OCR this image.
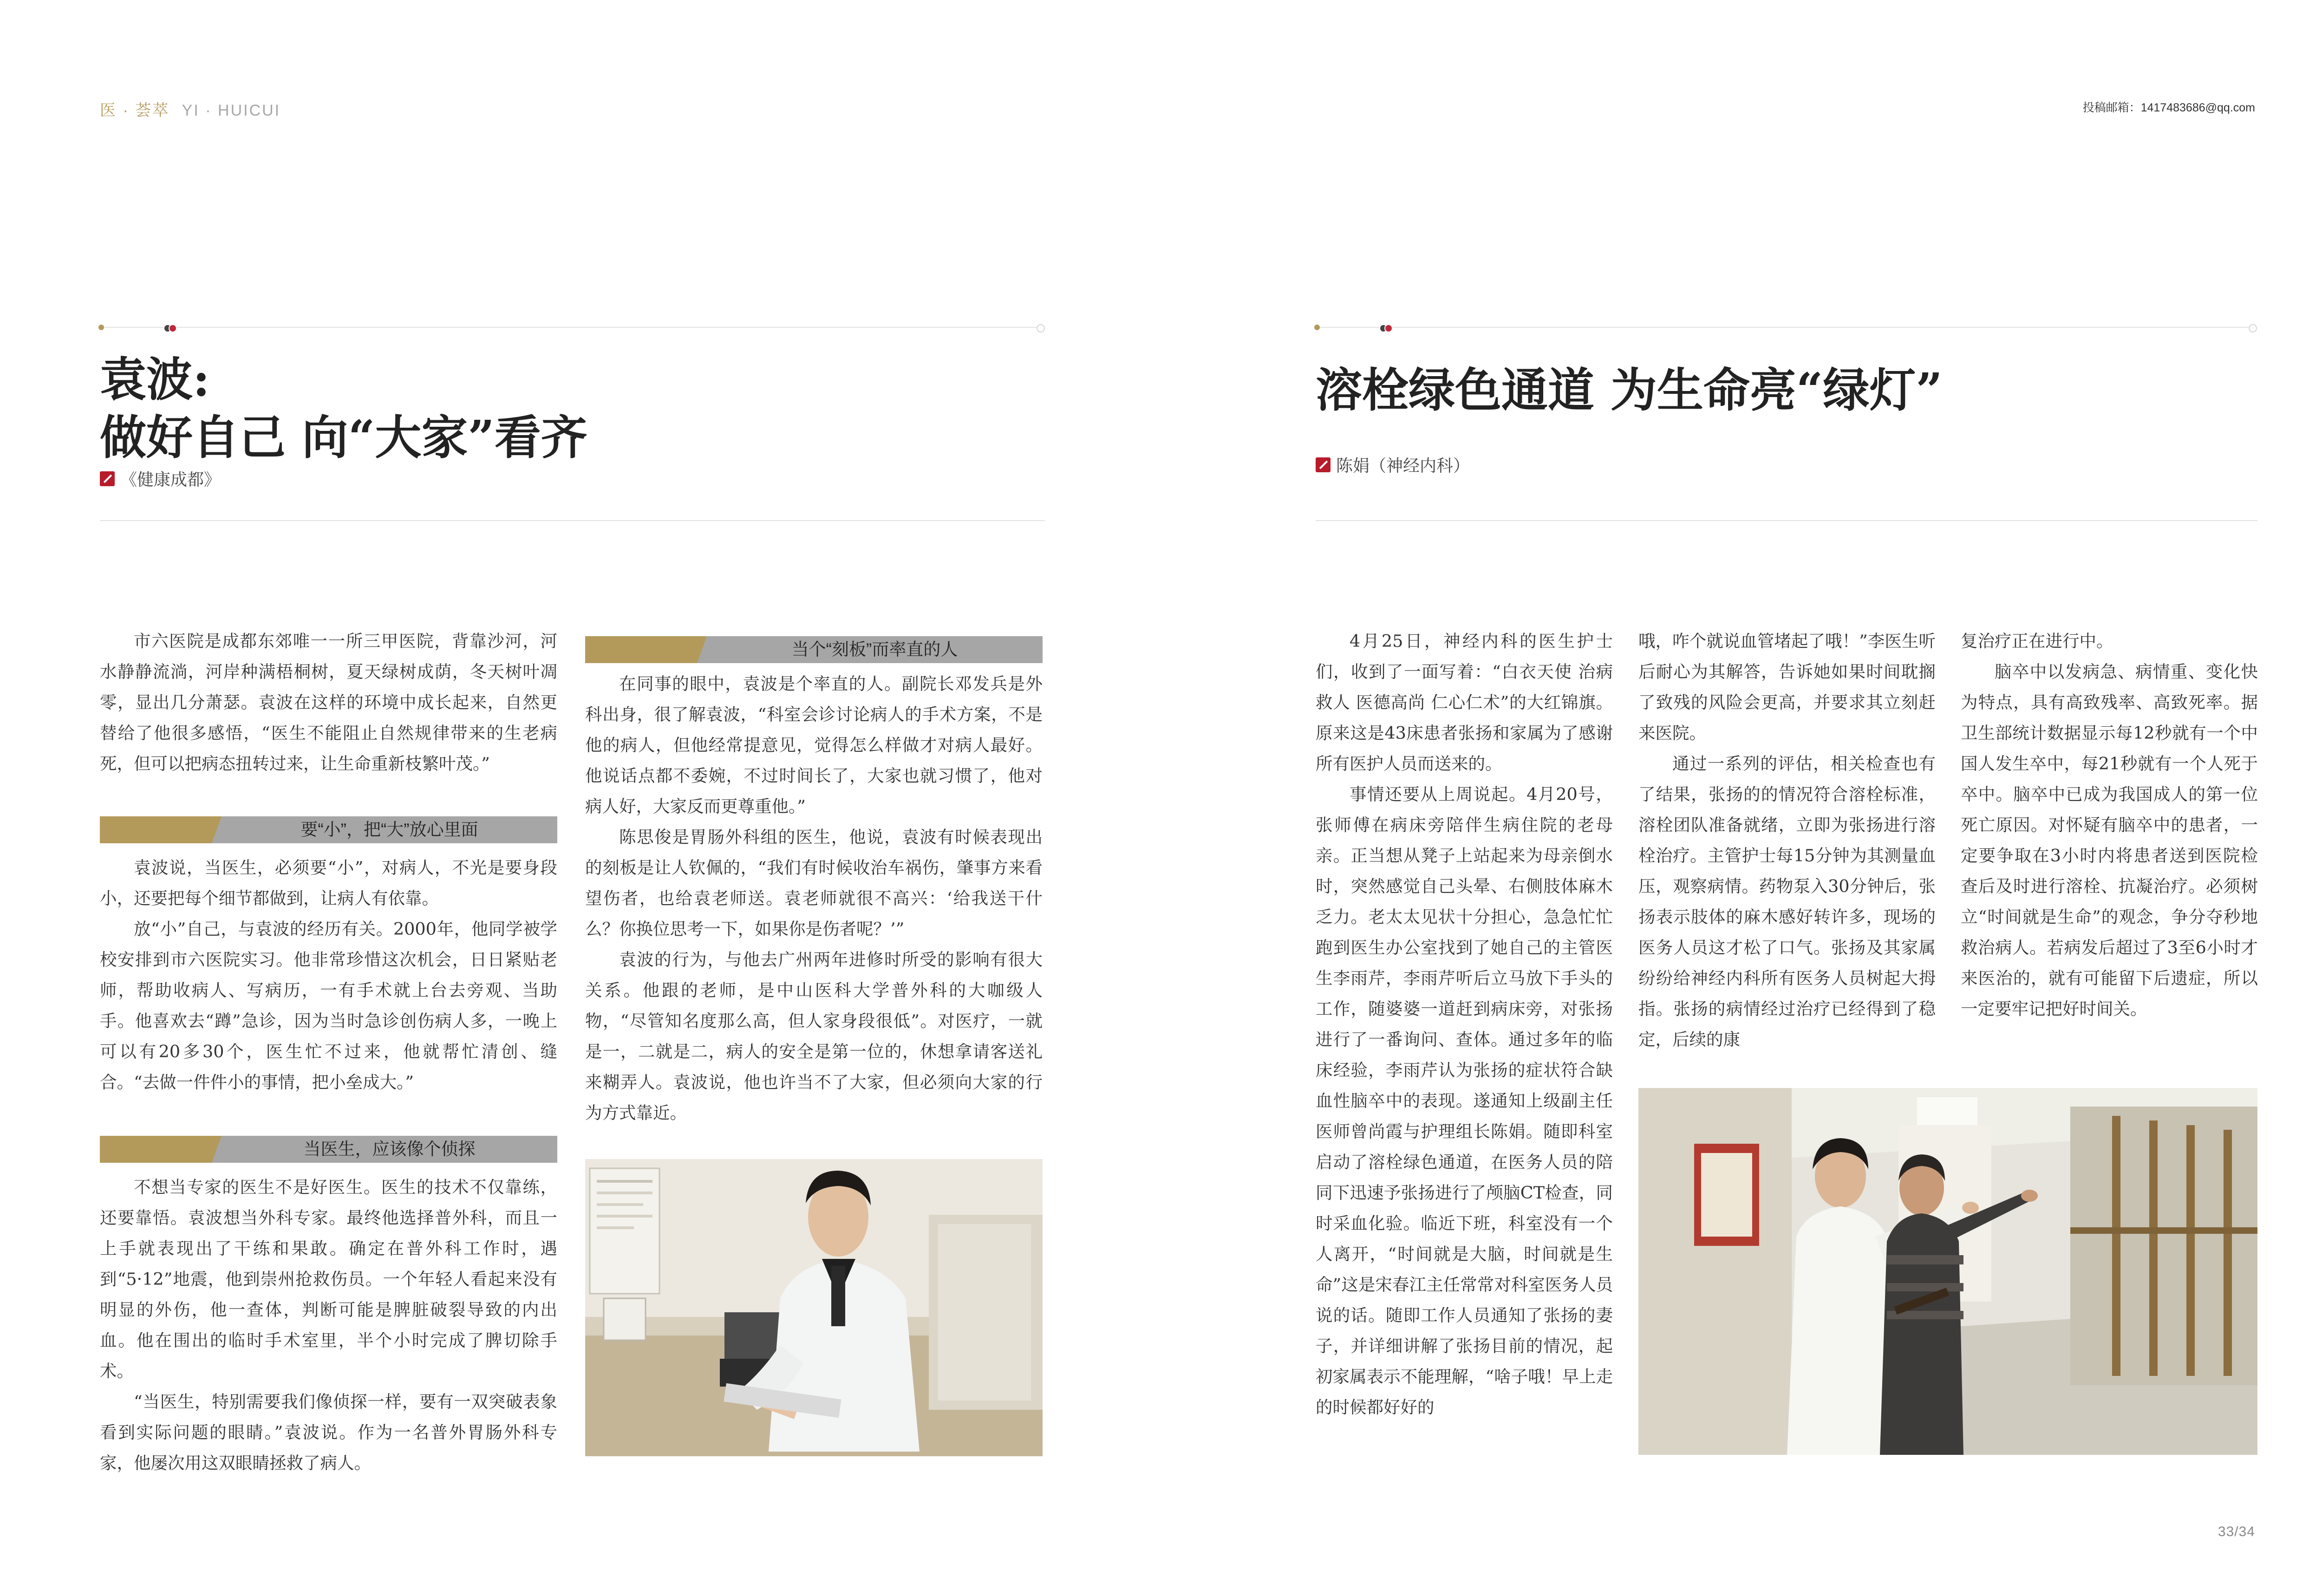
医 · 荟萃 YI · HUICUI	投稿邮箱：1417483686@qq.com
袁波:
做好自己 向“大家”看齐
《健康成都》

市六医院是成都东郊唯一一所三甲医院，背靠沙河，河水静静流淌，河岸种满梧桐树，夏天绿树成荫，冬天树叶凋零，显出几分萧瑟。袁波在这样的环境中成长起来，自然更替给了他很多感悟，“医生不能阻止自然规律带来的生老病死，但可以把病态扭转过来，让生命重新枝繁叶茂。”

要“小”，把“大”放心里面

袁波说，当医生，必须要“小”，对病人，不光是要身段小，还要把每个细节都做到，让病人有依靠。

放“小”自己，与袁波的经历有关。2000年，他同学被学校安排到市六医院实习。他非常珍惜这次机会，日日紧贴老师，帮助收病人、写病历，一有手术就上台去旁观、当助手。他喜欢去“蹲”急诊，因为当时急诊创伤病人多，一晚上可以有20多30个，医生忙不过来，他就帮忙清创、缝合。“去做一件件小的事情，把小垒成大。”

当医生，应该像个侦探

不想当专家的医生不是好医生。医生的技术不仅靠练，还要靠悟。袁波想当外科专家。最终他选择普外科，而且一上手就表现出了干练和果敢。确定在普外科工作时，遇到“5·12”地震，他到崇州抢救伤员。一个年轻人看起来没有明显的外伤，他一查体，判断可能是脾脏破裂导致的内出血。他在围出的临时手术室里，半个小时完成了脾切除手术。

“当医生，特别需要我们像侦探一样，要有一双突破表象看到实际问题的眼睛。”袁波说。作为一名普外胃肠外科专家，他屡次用这双眼睛拯救了病人。

当个“刻板”而率直的人

在同事的眼中，袁波是个率直的人。副院长邓发兵是外科出身，很了解袁波，“科室会诊讨论病人的手术方案，不是他的病人，但他经常提意见，觉得怎么样做才对病人最好。他说话点都不委婉，不过时间长了，大家也就习惯了，他对病人好，大家反而更尊重他。”

陈思俊是胃肠外科组的医生，他说，袁波有时候表现出的刻板是让人钦佩的，“我们有时候收治车祸伤，肇事方来看望伤者，也给袁老师送。袁老师就很不高兴：‘给我送干什么？你换位思考一下，如果你是伤者呢？’”

袁波的行为，与他去广州两年进修时所受的影响有很大关系。他跟的老师，是中山医科大学普外科的大咖级人物，“尽管知名度那么高，但人家身段很低”。对医疗，一就是一，二就是二，病人的安全是第一位的，休想拿请客送礼来糊弄人。袁波说，他也许当不了大家，但必须向大家的行为方式靠近。

溶栓绿色通道 为生命亮“绿灯”
陈娟（神经内科）

4月25日，神经内科的医生护士们，收到了一面写着：“白衣天使 治病救人 医德高尚 仁心仁术”的大红锦旗。原来这是43床患者张扬和家属为了感谢所有医护人员而送来的。

事情还要从上周说起。4月20号，张师傅在病床旁陪伴生病住院的老母亲。正当想从凳子上站起来为母亲倒水时，突然感觉自己头晕、右侧肢体麻木乏力。老太太见状十分担心，急急忙忙跑到医生办公室找到了她自己的主管医生李雨芹，李雨芹听后立马放下手头的工作，随婆婆一道赶到病床旁，对张扬进行了一番询问、查体。通过多年的临床经验，李雨芹认为张扬的症状符合缺血性脑卒中的表现。遂通知上级副主任医师曾尚霞与护理组长陈娟。随即科室启动了溶栓绿色通道，在医务人员的陪同下迅速予张扬进行了颅脑CT检查，同时采血化验。临近下班，科室没有一个人离开，“时间就是大脑，时间就是生命”这是宋春江主任常常对科室医务人员说的话。随即工作人员通知了张扬的妻子，并详细讲解了张扬目前的情况，起初家属表示不能理解，“啥子哦！早上走的时候都好好的

哦，咋个就说血管堵起了哦！”李医生听后耐心为其解答，告诉她如果时间耽搁了致残的风险会更高，并要求其立刻赶来医院。

通过一系列的评估，相关检查也有了结果，张扬的的情况符合溶栓标准，溶栓团队准备就绪，立即为张扬进行溶栓治疗。主管护士每15分钟为其测量血压，观察病情。药物泵入30分钟后，张扬表示肢体的麻木感好转许多，现场的医务人员这才松了口气。张扬及其家属纷纷给神经内科所有医务人员树起大拇指。张扬的病情经过治疗已经得到了稳定，后续的康

复治疗正在进行中。

脑卒中以发病急、病情重、变化快为特点，具有高致残率、高致死率。据卫生部统计数据显示每12秒就有一个中国人发生卒中，每21秒就有一个人死于卒中。脑卒中已成为我国成人的第一位死亡原因。对怀疑有脑卒中的患者，一定要争取在3小时内将患者送到医院检查后及时进行溶栓、抗凝治疗。必须树立“时间就是生命”的观念，争分夺秒地救治病人。若病发后超过了3至6小时才来医治的，就有可能留下后遗症，所以一定要牢记把好时间关。

33/34
